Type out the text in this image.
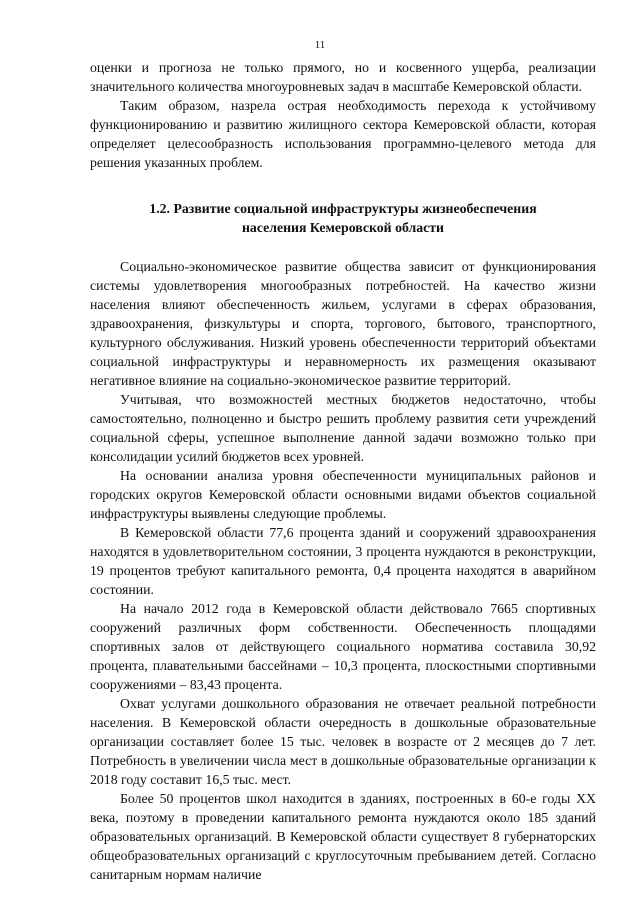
11

оценки и прогноза не только прямого, но и косвенного ущерба, реализации значительного количества многоуровневых задач в масштабе Кемеровской области.

Таким образом, назрела острая необходимость перехода к устойчивому функционированию и развитию жилищного сектора Кемеровской области, которая определяет целесообразность использования программно-целевого метода для решения указанных проблем.

1.2. Развитие социальной инфраструктуры жизнеобеспечения
населения Кемеровской области

Социально-экономическое развитие общества зависит от функционирования системы удовлетворения многообразных потребностей. На качество жизни населения влияют обеспеченность жильем, услугами в сферах образования, здравоохранения, физкультуры и спорта, торгового, бытового, транспортного, культурного обслуживания. Низкий уровень обеспеченности территорий объектами социальной инфраструктуры и неравномерность их размещения оказывают негативное влияние на социально-экономическое развитие территорий.

Учитывая, что возможностей местных бюджетов недостаточно, чтобы самостоятельно, полноценно и быстро решить проблему развития сети учреждений социальной сферы, успешное выполнение данной задачи возможно только при консолидации усилий бюджетов всех уровней.

На основании анализа уровня обеспеченности муниципальных районов и городских округов Кемеровской области основными видами объектов социальной инфраструктуры выявлены следующие проблемы.

В Кемеровской области 77,6 процента зданий и сооружений здравоохранения находятся в удовлетворительном состоянии, 3 процента нуждаются в реконструкции, 19 процентов требуют капитального ремонта, 0,4 процента находятся в аварийном состоянии.

На начало 2012 года в Кемеровской области действовало 7665 спортивных сооружений различных форм собственности. Обеспеченность площадями спортивных залов от действующего социального норматива составила 30,92 процента, плавательными бассейнами – 10,3 процента, плоскостными спортивными сооружениями – 83,43 процента.

Охват услугами дошкольного образования не отвечает реальной потребности населения. В Кемеровской области очередность в дошкольные образовательные организации составляет более 15 тыс. человек в возрасте от 2 месяцев до 7 лет. Потребность в увеличении числа мест в дошкольные образовательные организации к 2018 году составит 16,5 тыс. мест.

Более 50 процентов школ находится в зданиях, построенных в 60-е годы XX века, поэтому в проведении капитального ремонта нуждаются около 185 зданий образовательных организаций. В Кемеровской области существует 8 губернаторских общеобразовательных организаций с круглосуточным пребыванием детей. Согласно санитарным нормам наличие
